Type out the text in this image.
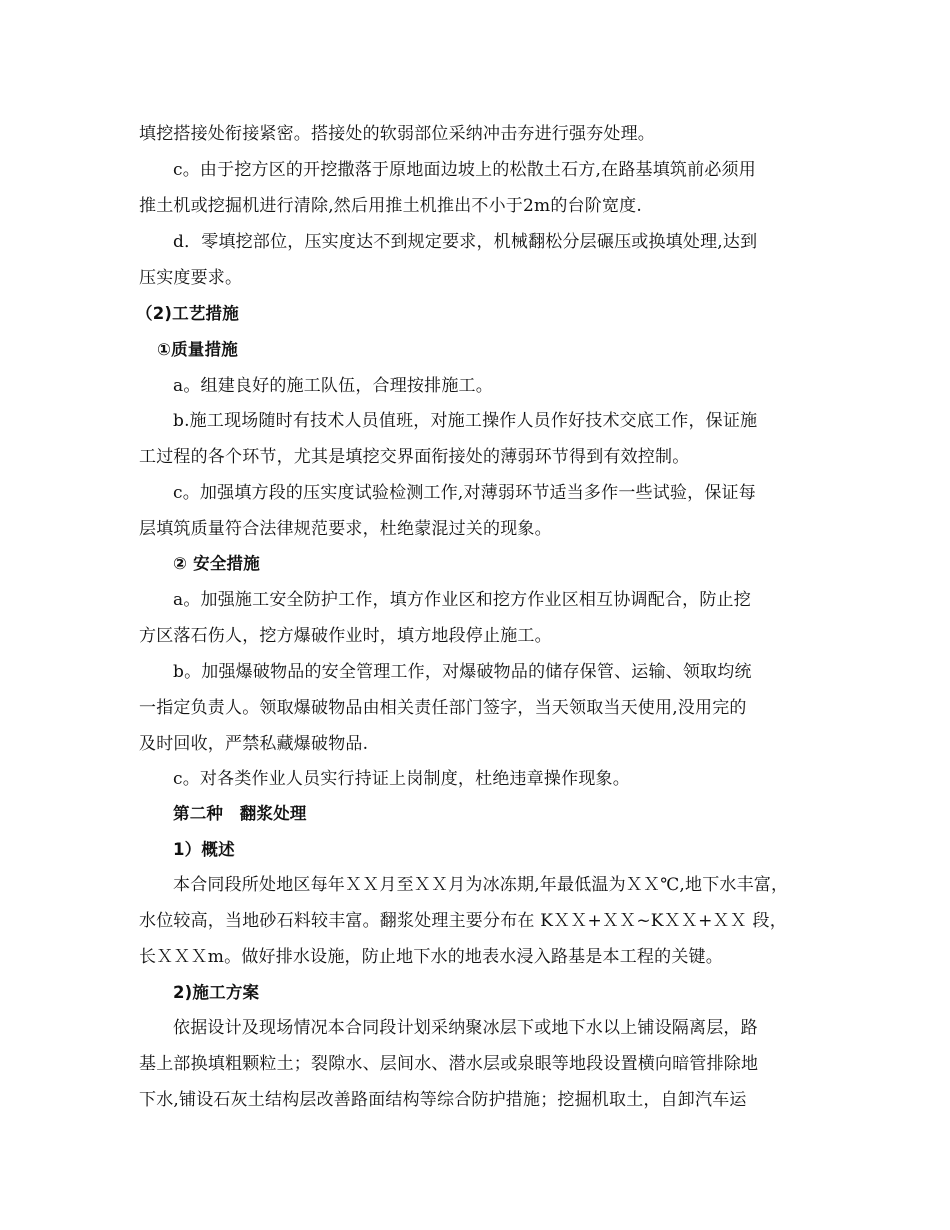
填挖搭接处衔接紧密。搭接处的软弱部位采纳冲击夯进行强夯处理。
c。由于挖方区的开挖撒落于原地面边坡上的松散土石方,在路基填筑前必须用
推土机或挖掘机进行清除,然后用推土机推出不小于2m的台阶宽度.
d．零填挖部位，压实度达不到规定要求，机械翻松分层碾压或换填处理,达到
压实度要求。
（2)工艺措施
①质量措施
a。组建良好的施工队伍，合理按排施工。
b.施工现场随时有技术人员值班，对施工操作人员作好技术交底工作，保证施
工过程的各个环节，尤其是填挖交界面衔接处的薄弱环节得到有效控制。
c。加强填方段的压实度试验检测工作,对薄弱环节适当多作一些试验，保证每
层填筑质量符合法律规范要求，杜绝蒙混过关的现象。
② 安全措施
a。加强施工安全防护工作，填方作业区和挖方作业区相互协调配合，防止挖
方区落石伤人，挖方爆破作业时，填方地段停止施工。
b。加强爆破物品的安全管理工作，对爆破物品的储存保管、运输、领取均统
一指定负责人。领取爆破物品由相关责任部门签字，当天领取当天使用,没用完的
及时回收，严禁私藏爆破物品.
c。对各类作业人员实行持证上岗制度，杜绝违章操作现象。
第二种　翻浆处理
1）概述
本合同段所处地区每年ＸＸ月至ＸＸ月为冰冻期,年最低温为ＸＸ℃,地下水丰富，
水位较高，当地砂石料较丰富。翻浆处理主要分布在 KＸＸ+ＸＸ~KＸＸ+ＸＸ 段，
长ＸＸＸm。做好排水设施，防止地下水的地表水浸入路基是本工程的关键。
2)施工方案
依据设计及现场情况本合同段计划采纳聚冰层下或地下水以上铺设隔离层，路
基上部换填粗颗粒土；裂隙水、层间水、潜水层或泉眼等地段设置横向暗管排除地
下水,铺设石灰土结构层改善路面结构等综合防护措施；挖掘机取土，自卸汽车运
